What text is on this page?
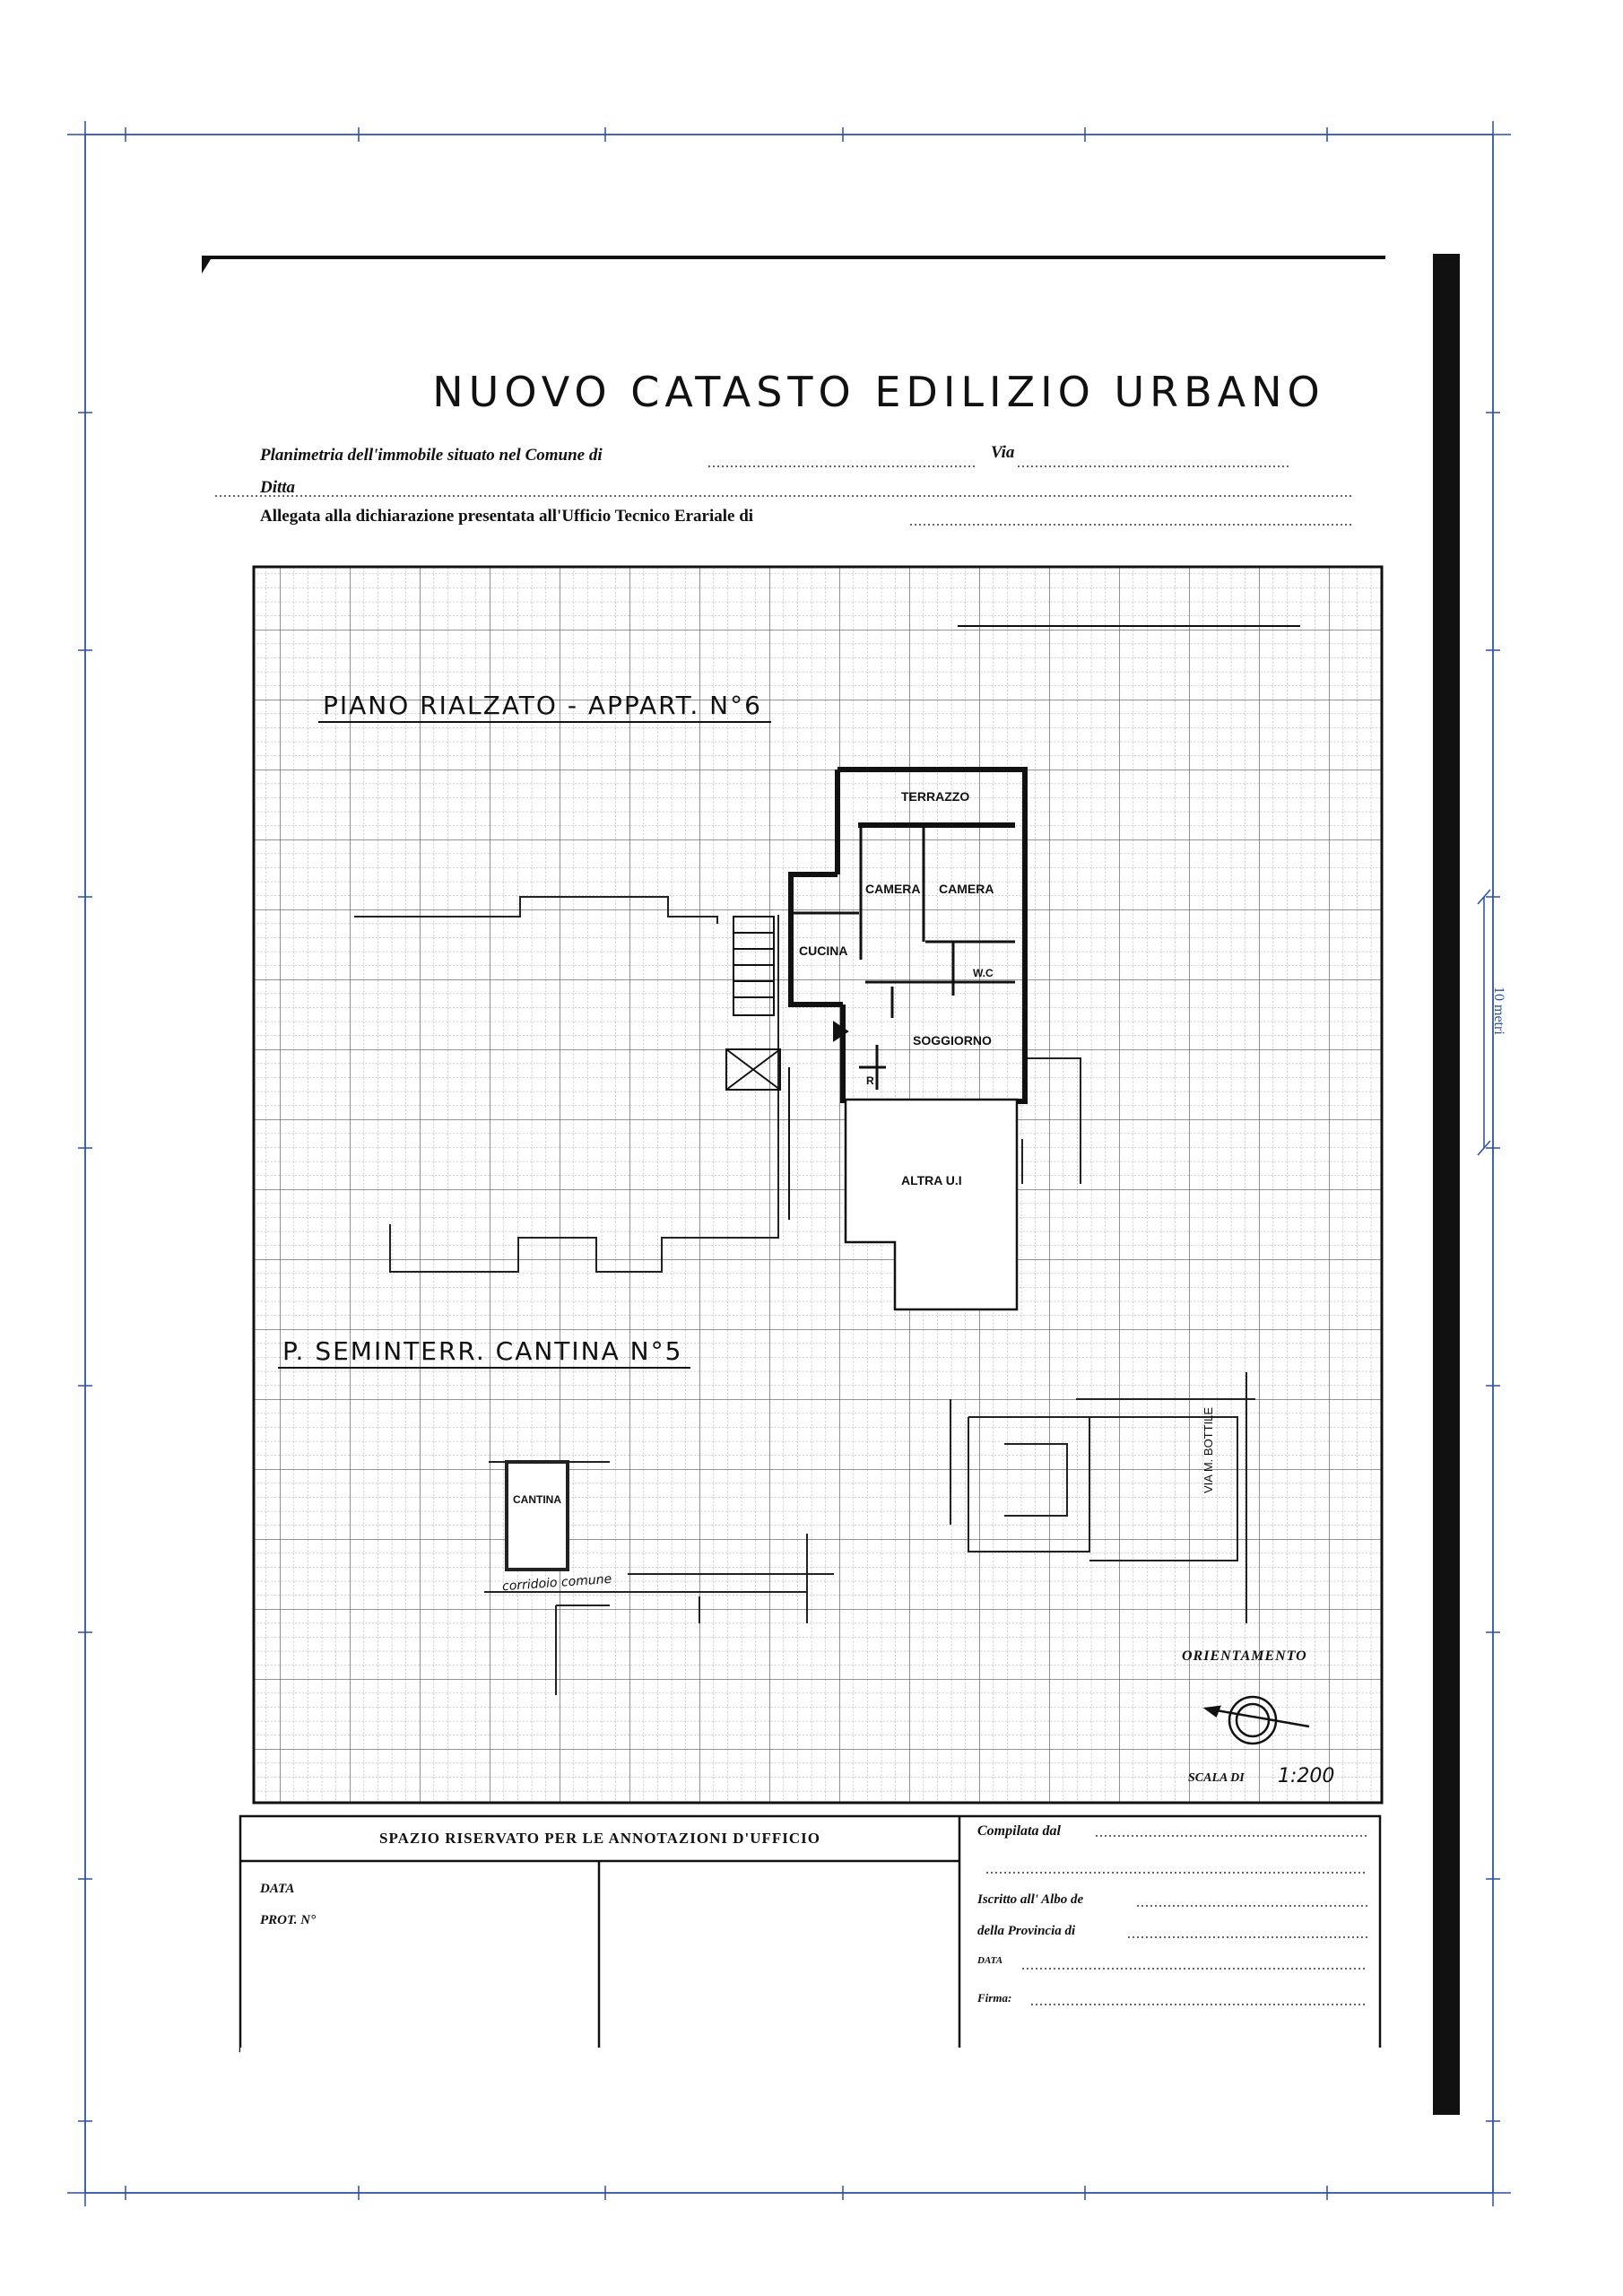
NUOVO CATASTO EDILIZIO URBANO
Planimetria dell'immobile situato nel Comune di	Via
Ditta
Allegata alla dichiarazione presentata all'Ufficio Tecnico Erariale di
PIANO RIALZATO - APPART. N°6
P. SEMINTERR. CANTINA N°5
TERRAZZO
CAMERA CAMERA
CUCINA
W.C
SOGGIORNO
R
ALTRA U.I
CANTINA
corridoio comune
VIA M. BOTTILE
ORIENTAMENTO
SCALA DI 1:200
10 metri
SPAZIO RISERVATO PER LE ANNOTAZIONI D'UFFICIO
DATA
PROT. N°
Compilata dal
Iscritto all' Albo de
della Provincia di
DATA
Firma:
